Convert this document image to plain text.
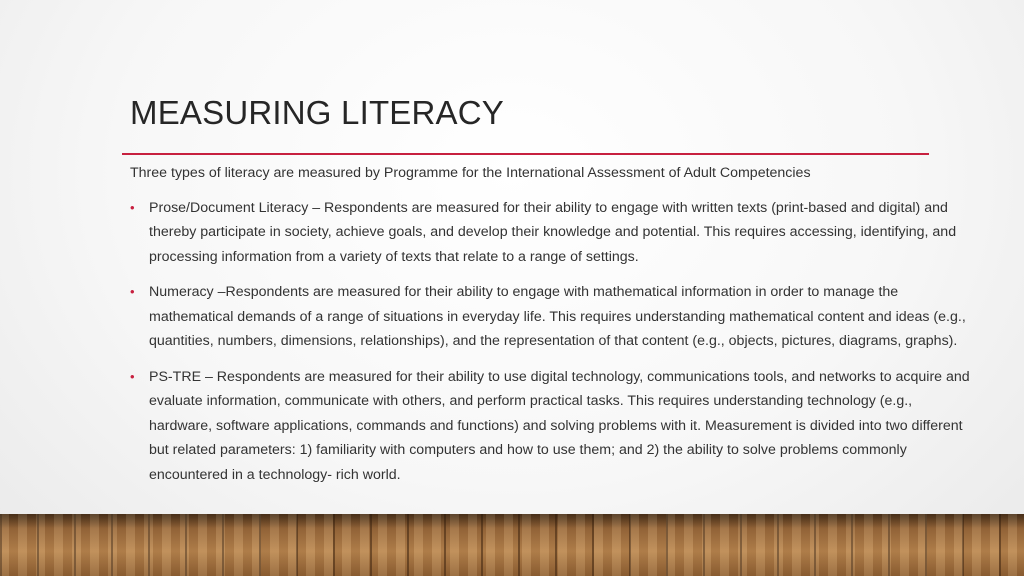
MEASURING LITERACY

Three types of literacy are measured by Programme for the International Assessment of Adult Competencies

• Prose/Document Literacy – Respondents are measured for their ability to engage with written texts (print-based and digital) and thereby participate in society, achieve goals, and develop their knowledge and potential. This requires accessing, identifying, and processing information from a variety of texts that relate to a range of settings.
• Numeracy –Respondents are measured for their ability to engage with mathematical information in order to manage the mathematical demands of a range of situations in everyday life. This requires understanding mathematical content and ideas (e.g., quantities, numbers, dimensions, relationships), and the representation of that content (e.g., objects, pictures, diagrams, graphs).
• PS-TRE – Respondents are measured for their ability to use digital technology, communications tools, and networks to acquire and evaluate information, communicate with others, and perform practical tasks. This requires understanding technology (e.g., hardware, software applications, commands and functions) and solving problems with it. Measurement is divided into two different but related parameters: 1) familiarity with computers and how to use them; and 2) the ability to solve problems commonly encountered in a technology- rich world.
